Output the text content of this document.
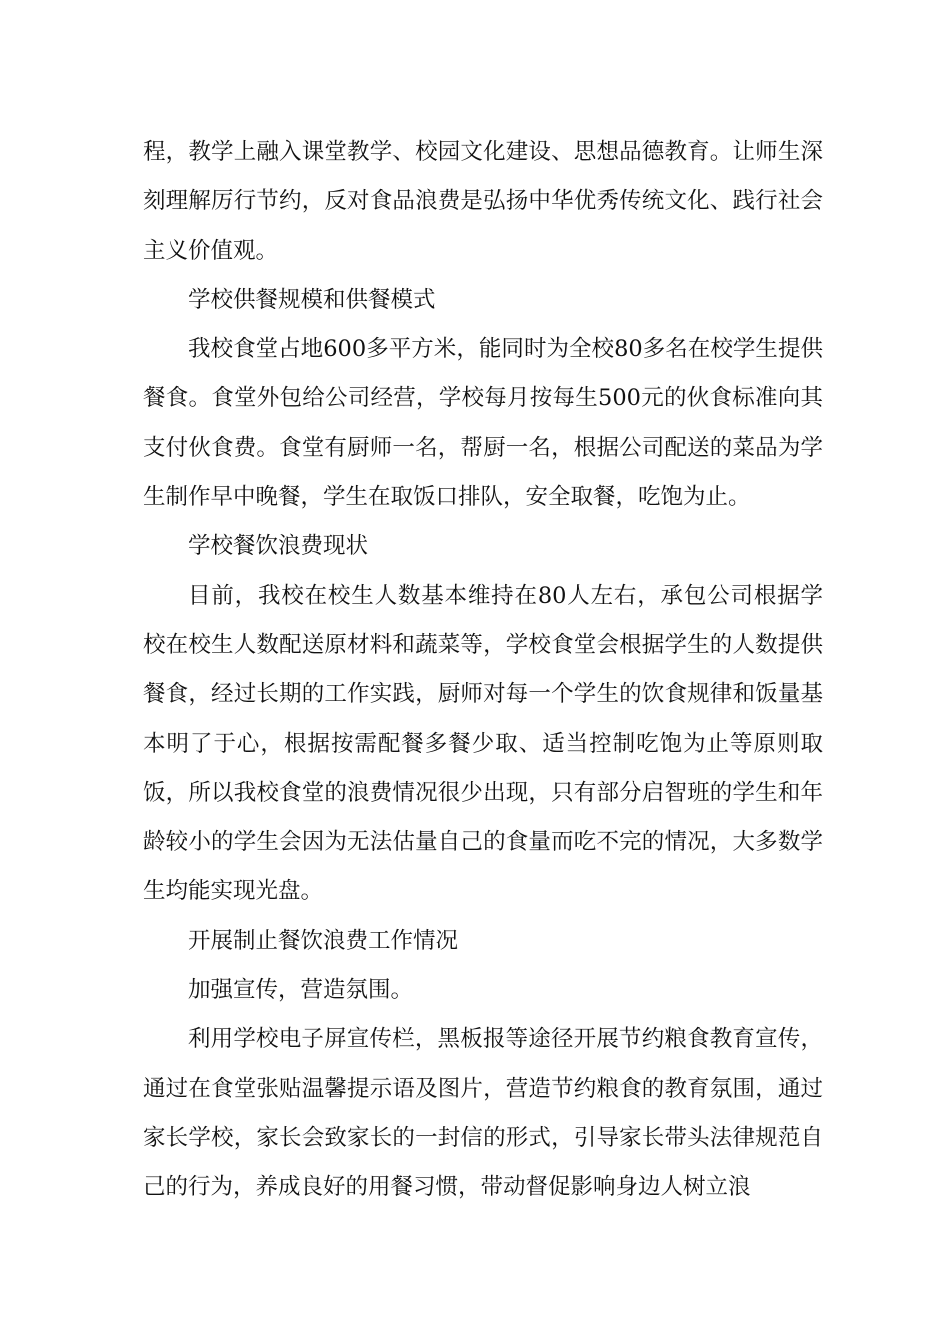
程，教学上融入课堂教学、校园文化建设、思想品德教育。让师生深刻理解厉行节约，反对食品浪费是弘扬中华优秀传统文化、践行社会主义价值观。

学校供餐规模和供餐模式

我校食堂占地600多平方米，能同时为全校80多名在校学生提供餐食。食堂外包给公司经营，学校每月按每生500元的伙食标准向其支付伙食费。食堂有厨师一名，帮厨一名，根据公司配送的菜品为学生制作早中晚餐，学生在取饭口排队，安全取餐，吃饱为止。

学校餐饮浪费现状

目前，我校在校生人数基本维持在80人左右，承包公司根据学校在校生人数配送原材料和蔬菜等，学校食堂会根据学生的人数提供餐食，经过长期的工作实践，厨师对每一个学生的饮食规律和饭量基本明了于心，根据按需配餐多餐少取、适当控制吃饱为止等原则取饭，所以我校食堂的浪费情况很少出现，只有部分启智班的学生和年龄较小的学生会因为无法估量自己的食量而吃不完的情况，大多数学生均能实现光盘。

开展制止餐饮浪费工作情况

加强宣传，营造氛围。

利用学校电子屏宣传栏，黑板报等途径开展节约粮食教育宣传，通过在食堂张贴温馨提示语及图片，营造节约粮食的教育氛围，通过家长学校，家长会致家长的一封信的形式，引导家长带头法律规范自己的行为，养成良好的用餐习惯，带动督促影响身边人树立浪
